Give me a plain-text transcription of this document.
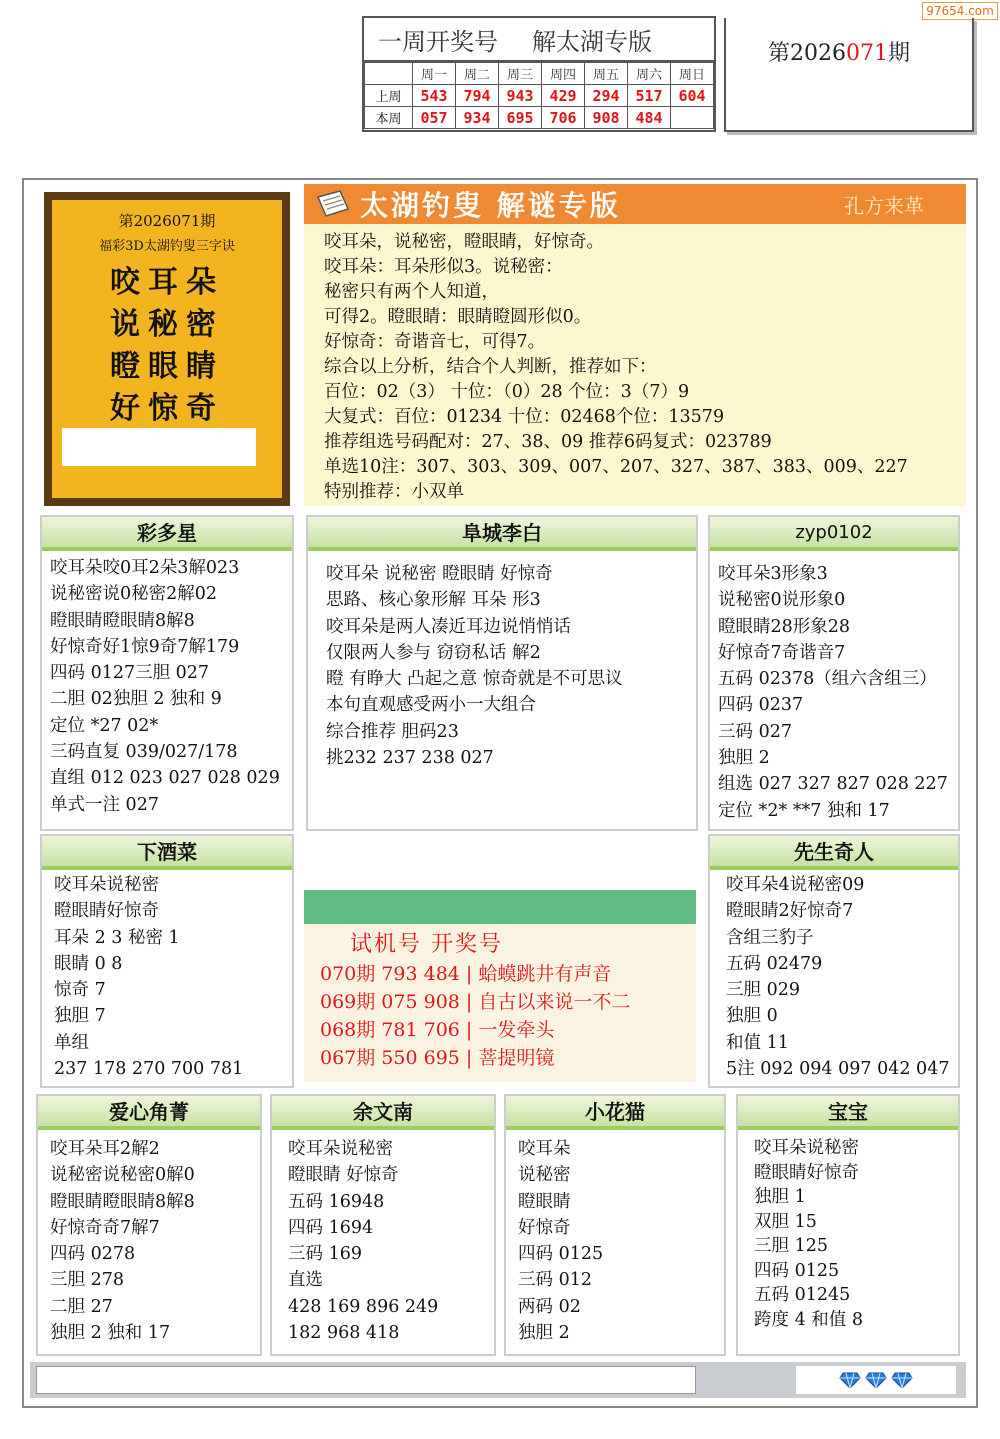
97654.com
一周开奖号 解太湖专版
	周一	周二	周三	周四	周五	周六	周日
上周	543	794	943	429	294	517	604
本周	057	934	695	706	908	484	
第2026071期
第2026071期
福彩3D太湖钓叟三字诀
咬耳朵
说秘密
瞪眼睛
好惊奇
太湖钓叟 解谜专版	孔方来革

咬耳朵，说秘密，瞪眼睛，好惊奇。

咬耳朵：耳朵形似3。说秘密：

秘密只有两个人知道，

可得2。瞪眼睛：眼睛瞪圆形似0。

好惊奇：奇谐音七，可得7。

综合以上分析，结合个人判断，推荐如下：

百位：02（3） 十位：（0）28 个位：3（7）9

大复式：百位：01234 十位：02468个位：13579

推荐组选号码配对：27、38、09 推荐6码复式：023789

单选10注：307、303、309、007、207、327、387、383、009、227

特别推荐：小双单

彩多星

咬耳朵咬0耳2朵3解023

说秘密说0秘密2解02

瞪眼睛瞪眼睛8解8

好惊奇好1惊9奇7解179

四码 0127三胆 027

二胆 02独胆 2 独和 9

定位 *27 02*

三码直复 039/027/178

直组 012 023 027 028 029

单式一注 027

阜城李白

咬耳朵 说秘密 瞪眼睛 好惊奇

思路、核心象形解 耳朵 形3

咬耳朵是两人凑近耳边说悄悄话

仅限两人参与 窃窃私话 解2

瞪 有睁大 凸起之意 惊奇就是不可思议

本句直观感受两小一大组合

综合推荐 胆码23

挑232 237 238 027

zyp0102

咬耳朵3形象3

说秘密0说形象0

瞪眼睛28形象28

好惊奇7奇谐音7

五码 02378（组六含组三）

四码 0237

三码 027

独胆 2

组选 027 327 827 028 227

定位 *2* **7 独和 17

下酒菜

咬耳朵说秘密

瞪眼睛好惊奇

耳朵 2 3 秘密 1

眼睛 0 8

惊奇 7

独胆 7

单组

237 178 270 700 781

试机号 开奖号

070期 793 484 | 蛤蟆跳井有声音

069期 075 908 | 自古以来说一不二

068期 781 706 | 一发牵头

067期 550 695 | 菩提明镜

先生奇人

咬耳朵4说秘密09

瞪眼睛2好惊奇7

含组三豹子

五码 02479

三胆 029

独胆 0

和值 11

5注 092 094 097 042 047

爱心角菁

咬耳朵耳2解2

说秘密说秘密0解0

瞪眼睛瞪眼睛8解8

好惊奇奇7解7

四码 0278

三胆 278

二胆 27

独胆 2 独和 17

余文南

咬耳朵说秘密

瞪眼睛 好惊奇

五码 16948

四码 1694

三码 169

直选

428 169 896 249

182 968 418

小花猫

咬耳朵

说秘密

瞪眼睛

好惊奇

四码 0125

三码 012

两码 02

独胆 2

宝宝

咬耳朵说秘密

瞪眼睛好惊奇

独胆 1

双胆 15

三胆 125

四码 0125

五码 01245

跨度 4 和值 8
